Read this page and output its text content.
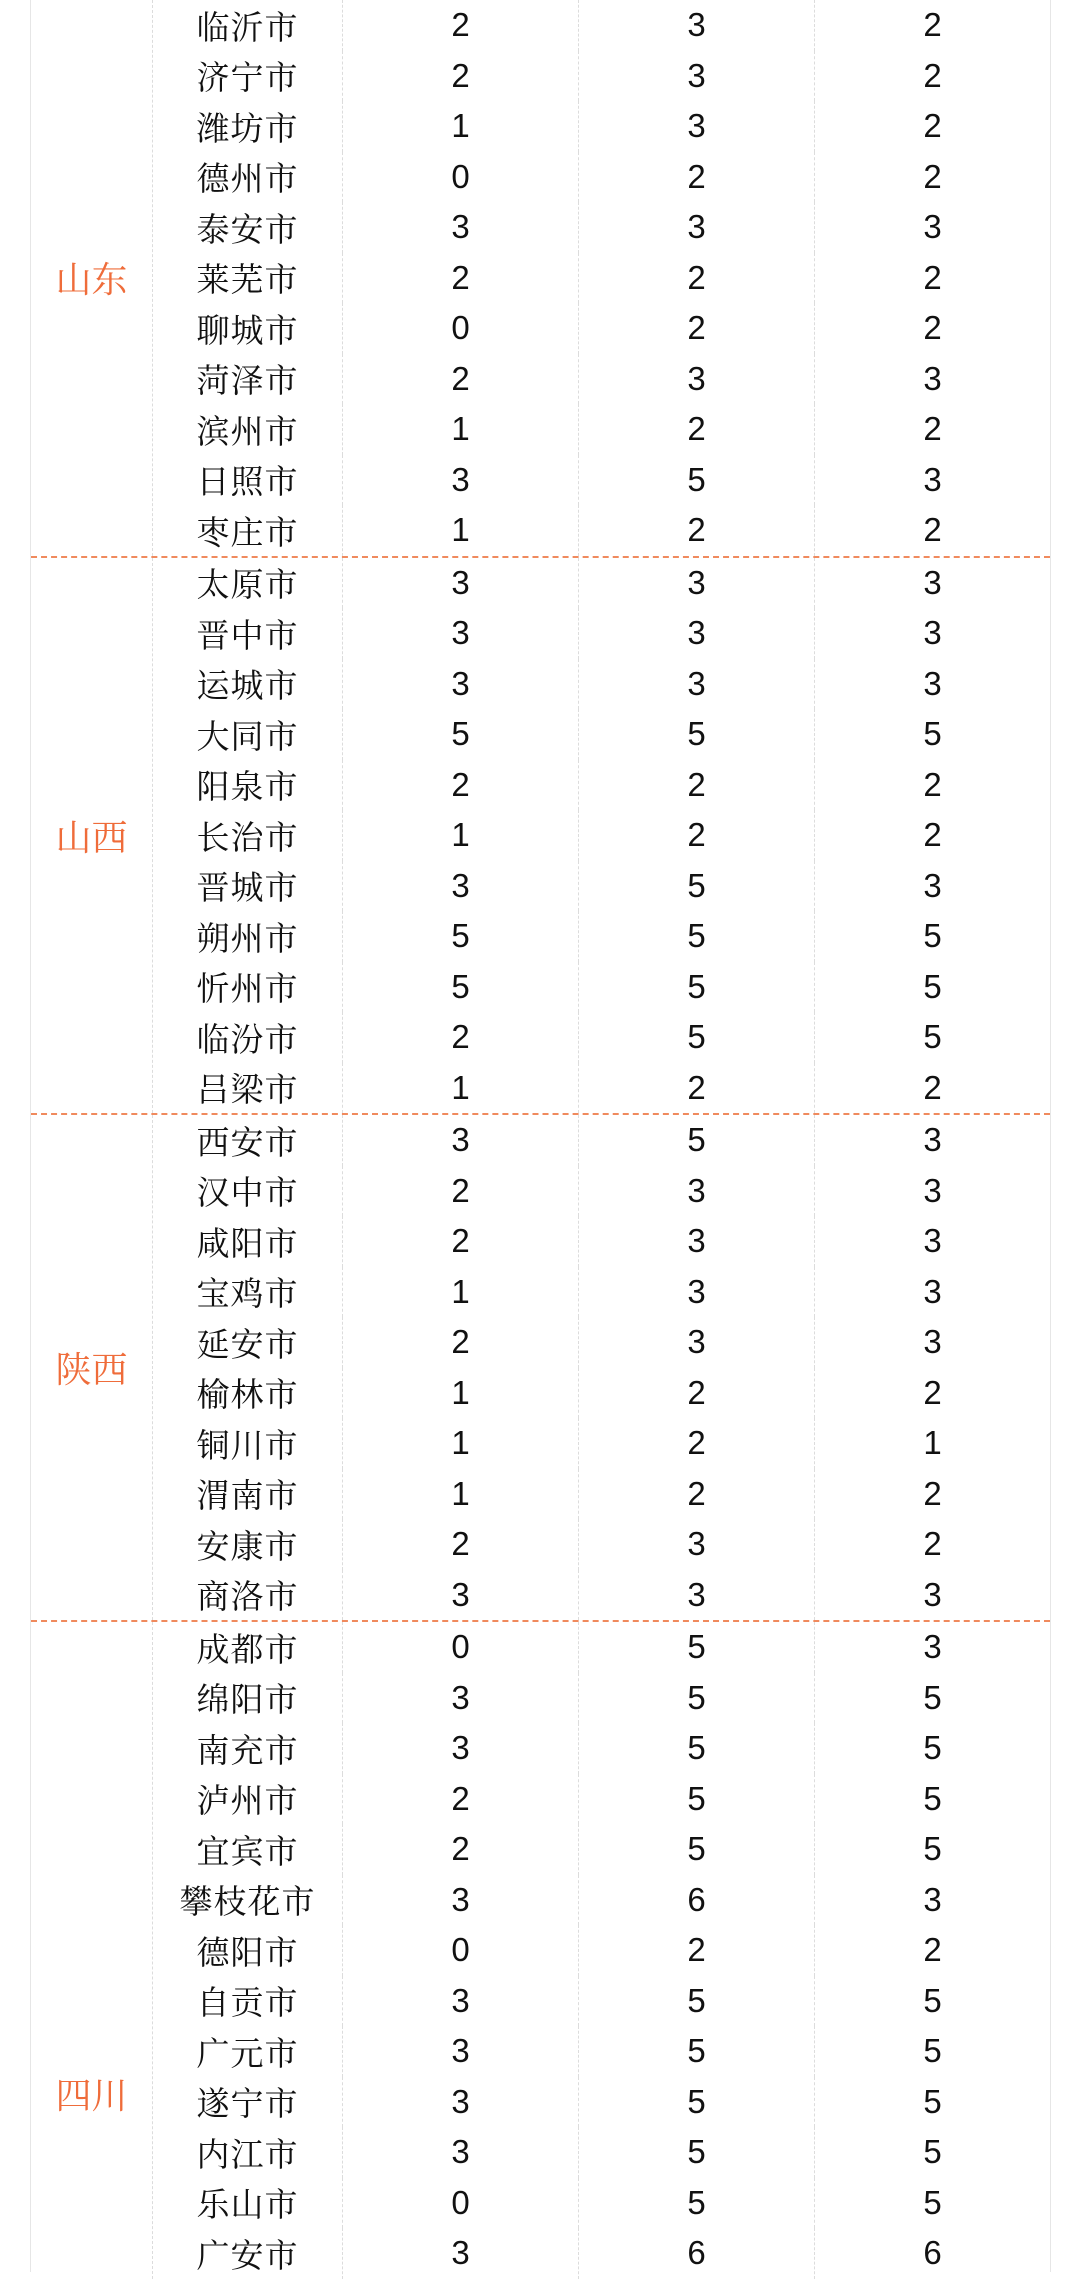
山东
临沂市	2	3	2
济宁市	2	3	2
潍坊市	1	3	2
德州市	0	2	2
泰安市	3	3	3
莱芜市	2	2	2
聊城市	0	2	2
菏泽市	2	3	3
滨州市	1	2	2
日照市	3	5	3
枣庄市	1	2	2
山西
太原市	3	3	3
晋中市	3	3	3
运城市	3	3	3
大同市	5	5	5
阳泉市	2	2	2
长治市	1	2	2
晋城市	3	5	3
朔州市	5	5	5
忻州市	5	5	5
临汾市	2	5	5
吕梁市	1	2	2
陕西
西安市	3	5	3
汉中市	2	3	3
咸阳市	2	3	3
宝鸡市	1	3	3
延安市	2	3	3
榆林市	1	2	2
铜川市	1	2	1
渭南市	1	2	2
安康市	2	3	2
商洛市	3	3	3
四川
成都市	0	5	3
绵阳市	3	5	5
南充市	3	5	5
泸州市	2	5	5
宜宾市	2	5	5
攀枝花市	3	6	3
德阳市	0	2	2
自贡市	3	5	5
广元市	3	5	5
遂宁市	3	5	5
内江市	3	5	5
乐山市	0	5	5
广安市	3	6	6
